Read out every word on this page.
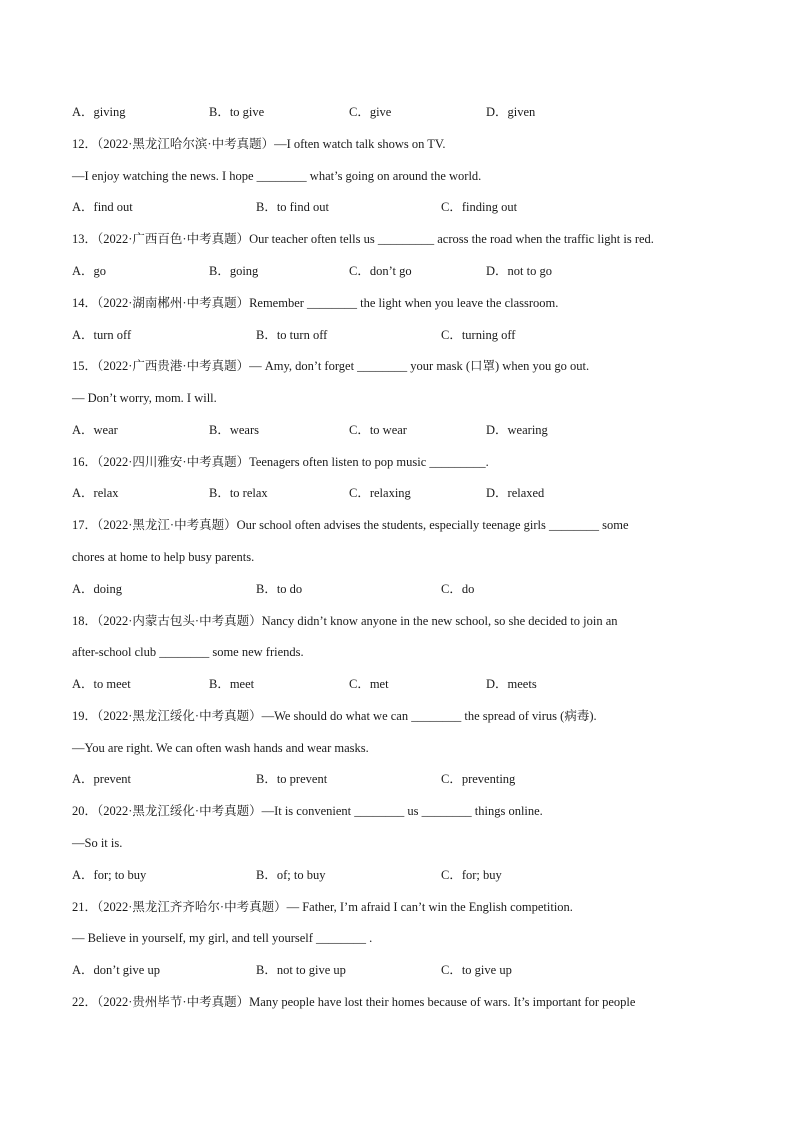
A．giving	B．to give	C．give	D．given
12．（2022·黑龙江哈尔滨·中考真题）—I often watch talk shows on TV.
—I enjoy watching the news. I hope ________ what’s going on around the world.
A．find out	B．to find out	C．finding out
13．（2022·广西百色·中考真题）Our teacher often tells us _________ across the road when the traffic light is red.
A．go	B．going	C．don’t go	D．not to go
14．（2022·湖南郴州·中考真题）Remember ________ the light when you leave the classroom.
A．turn off	B．to turn off	C．turning off
15．（2022·广西贵港·中考真题）— Amy, don’t forget ________ your mask (口罩) when you go out.
— Don’t worry, mom. I will.
A．wear	B．wears	C．to wear	D．wearing
16．（2022·四川雅安·中考真题）Teenagers often listen to pop music _________.
A．relax	B．to relax	C．relaxing	D．relaxed
17．（2022·黑龙江·中考真题）Our school often advises the students, especially teenage girls ________ some
chores at home to help busy parents.
A．doing	B．to do	C．do
18．（2022·内蒙古包头·中考真题）Nancy didn’t know anyone in the new school, so she decided to join an
after-school club ________ some new friends.
A．to meet	B．meet	C．met	D．meets
19．（2022·黑龙江绥化·中考真题）—We should do what we can ________ the spread of virus (病毒).
—You are right. We can often wash hands and wear masks.
A．prevent	B．to prevent	C．preventing
20．（2022·黑龙江绥化·中考真题）—It is convenient ________ us ________ things online.
—So it is.
A．for; to buy	B．of; to buy	C．for; buy
21．（2022·黑龙江齐齐哈尔·中考真题）— Father, I’m afraid I can’t win the English competition.
— Believe in yourself, my girl, and tell yourself ________ .
A．don’t give up	B．not to give up	C．to give up
22．（2022·贵州毕节·中考真题）Many people have lost their homes because of wars. It’s important for people
